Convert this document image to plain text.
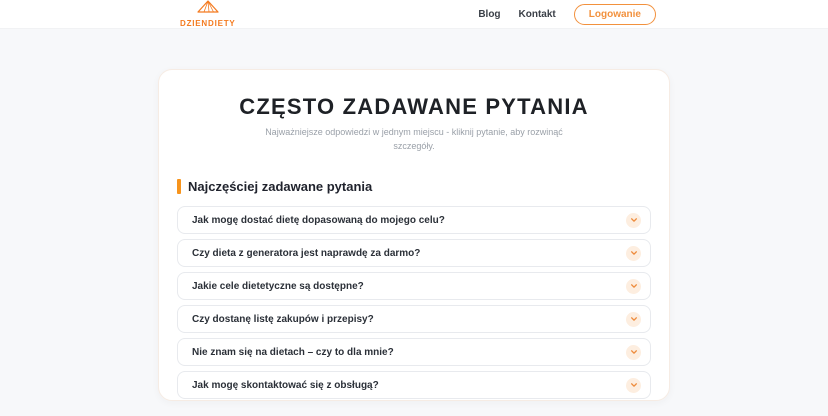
DZIENDIETY
Blog Kontakt	Logowanie
CZĘSTO ZADAWANE PYTANIA

Najważniejsze odpowiedzi w jednym miejscu - kliknij pytanie, aby rozwinąć szczegóły.

Najczęściej zadawane pytania
Jak mogę dostać dietę dopasowaną do mojego celu?
Czy dieta z generatora jest naprawdę za darmo?
Jakie cele dietetyczne są dostępne?
Czy dostanę listę zakupów i przepisy?
Nie znam się na dietach – czy to dla mnie?
Jak mogę skontaktować się z obsługą?
